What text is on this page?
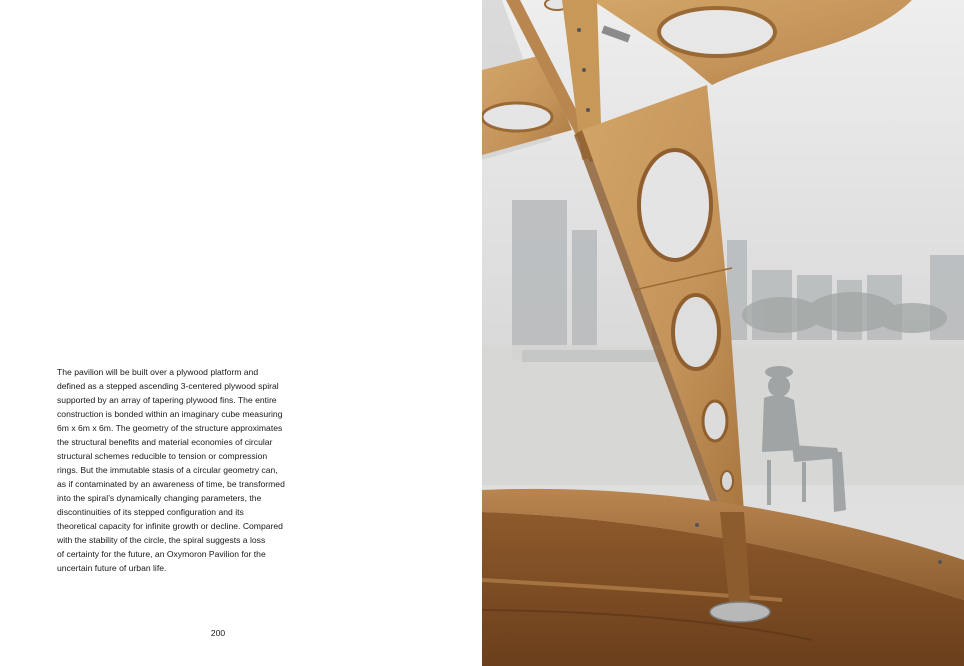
The pavilion will be built over a plywood platform and
defined as a stepped ascending 3-centered plywood spiral
supported by an array of tapering plywood fins. The entire
construction is bonded within an imaginary cube measuring
6m x 6m x 6m. The geometry of the structure approximates
the structural benefits and material economies of circular
structural schemes reducible to tension or compression
rings. But the immutable stasis of a circular geometry can,
as if contaminated by an awareness of time, be transformed
into the spiral’s dynamically changing parameters, the
discontinuities of its stepped configuration and its
theoretical capacity for infinite growth or decline. Compared
with the stability of the circle, the spiral suggests a loss
of certainty for the future, an Oxymoron Pavilion for the
uncertain future of urban life.

200
